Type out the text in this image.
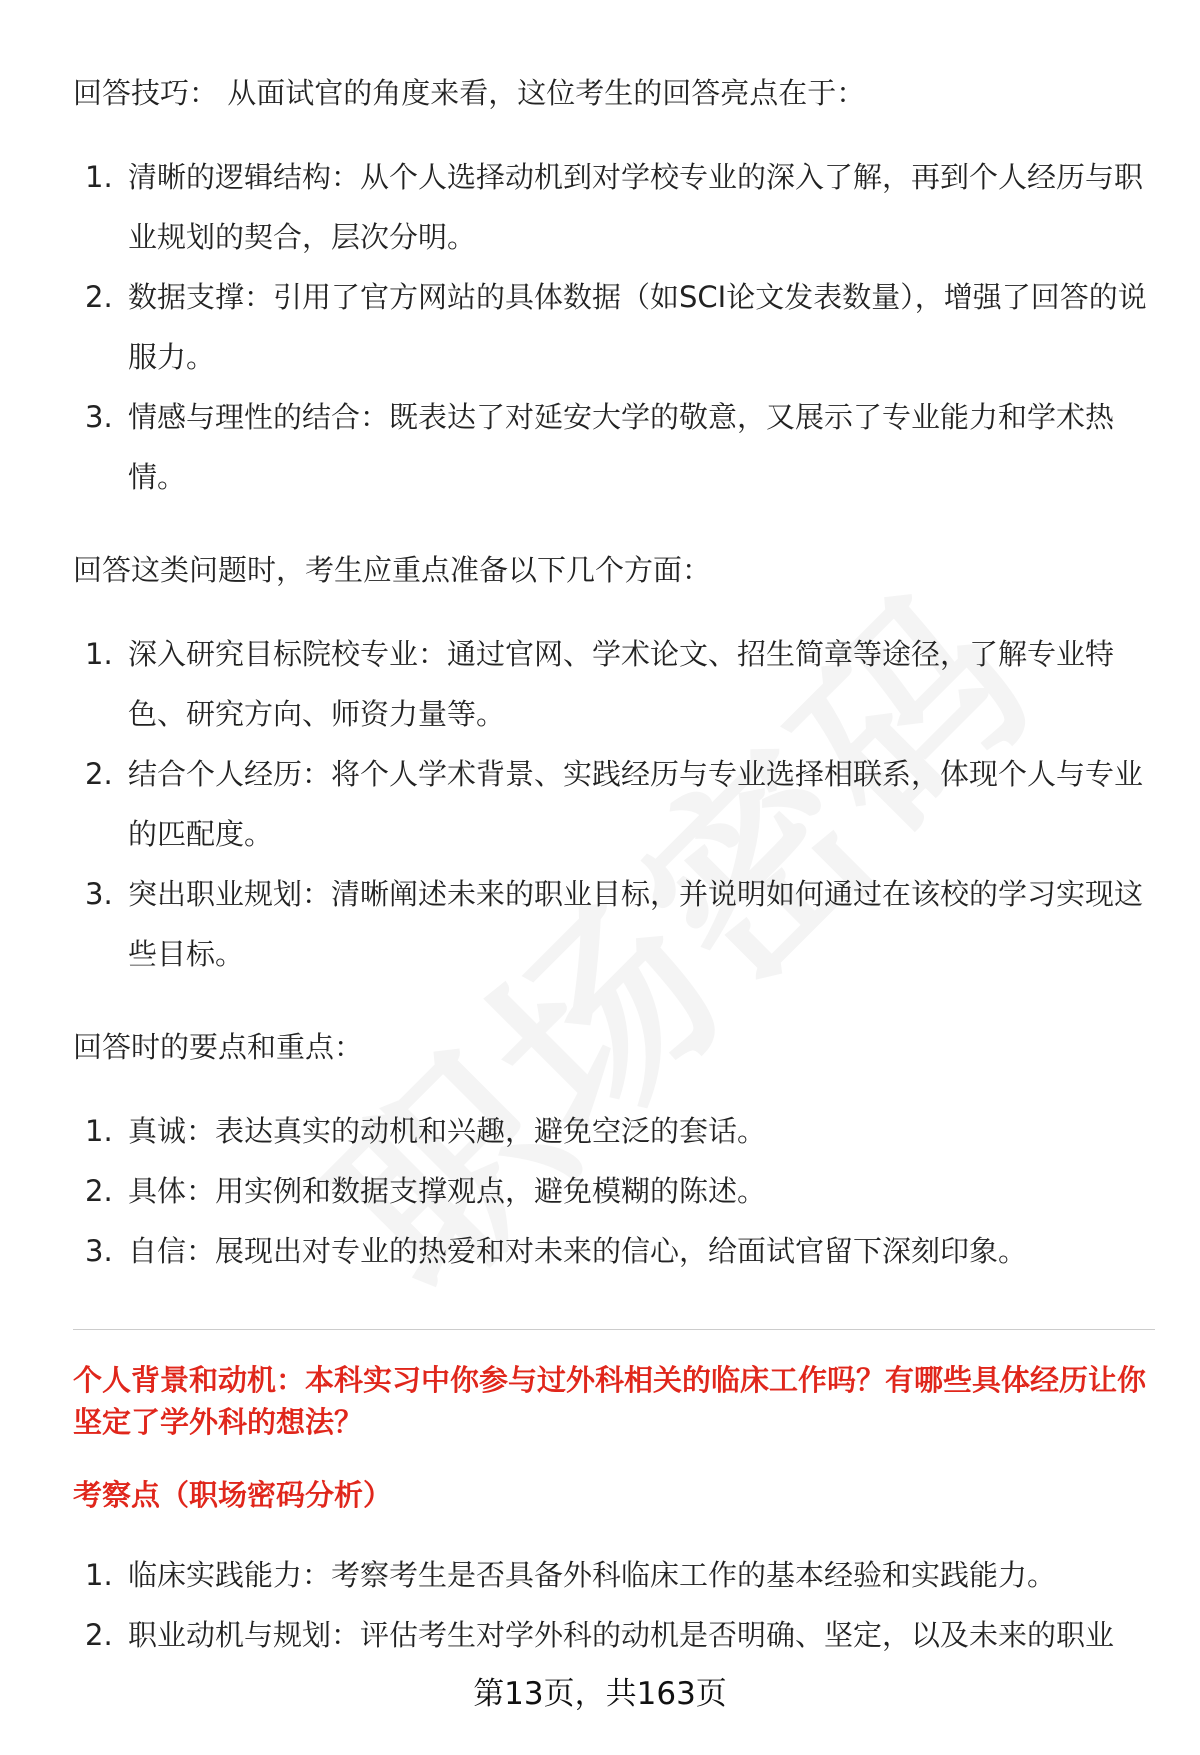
回答技巧： 从面试官的角度来看，这位考生的回答亮点在于：

1. 清晰的逻辑结构：从个人选择动机到对学校专业的深入了解，再到个人经历与职业规划的契合，层次分明。
2. 数据支撑：引用了官方网站的具体数据（如SCI论文发表数量），增强了回答的说服力。
3. 情感与理性的结合：既表达了对延安大学的敬意，又展示了专业能力和学术热情。

回答这类问题时，考生应重点准备以下几个方面：

1. 深入研究目标院校专业：通过官网、学术论文、招生简章等途径，了解专业特色、研究方向、师资力量等。
2. 结合个人经历：将个人学术背景、实践经历与专业选择相联系，体现个人与专业的匹配度。
3. 突出职业规划：清晰阐述未来的职业目标，并说明如何通过在该校的学习实现这些目标。

回答时的要点和重点：

1. 真诚：表达真实的动机和兴趣，避免空泛的套话。
2. 具体：用实例和数据支撑观点，避免模糊的陈述。
3. 自信：展现出对专业的热爱和对未来的信心，给面试官留下深刻印象。
个人背景和动机：本科实习中你参与过外科相关的临床工作吗？有哪些具体经历让你坚定了学外科的想法？
考察点（职场密码分析）
1. 临床实践能力：考察考生是否具备外科临床工作的基本经验和实践能力。
2. 职业动机与规划：评估考生对学外科的动机是否明确、坚定，以及未来的职业
第13页，共163页
